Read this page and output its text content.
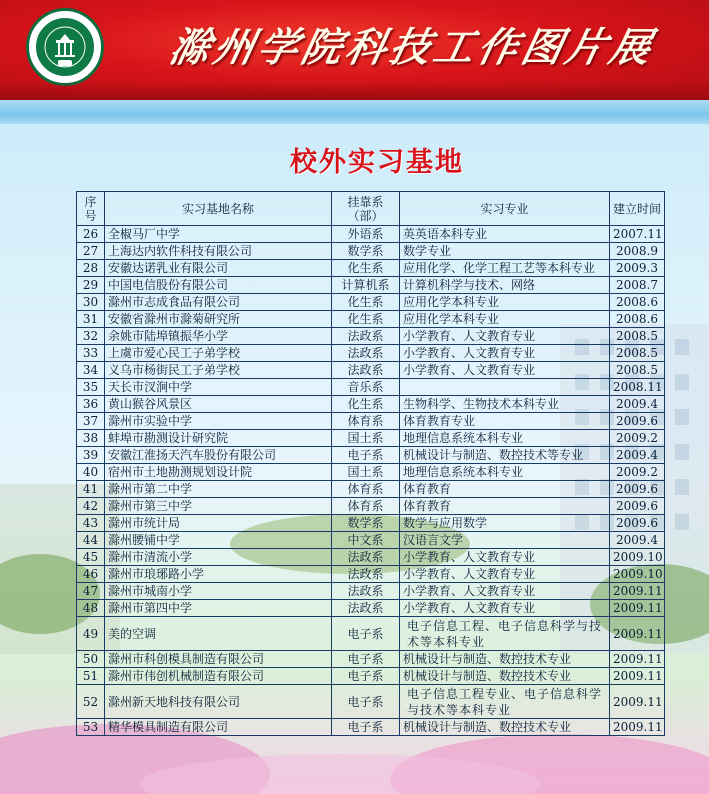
滁州学院科技工作图片展
校外实习基地
序号	实习基地名称	挂靠系（部）	实习专业	建立时间
26	全椒马厂中学	外语系	英英语本科专业	2007.11
27	上海达内软件科技有限公司	数学系	数学专业	2008.9
28	安徽达诺乳业有限公司	化生系	应用化学、化学工程工艺等本科专业	2009.3
29	中国电信股份有限公司	计算机系	计算机科学与技术、网络	2008.7
30	滁州市志成食品有限公司	化生系	应用化学本科专业	2008.6
31	安徽省滁州市滁菊研究所	化生系	应用化学本科专业	2008.6
32	余姚市陆埠镇振华小学	法政系	小学教育、人文教育专业	2008.5
33	上虞市爱心民工子弟学校	法政系	小学教育、人文教育专业	2008.5
34	义乌市杨街民工子弟学校	法政系	小学教育、人文教育专业	2008.5
35	天长市汊涧中学	音乐系		2008.11
36	黄山猴谷风景区	化生系	生物科学、生物技术本科专业	2009.4
37	滁州市实验中学	体育系	体育教育专业	2009.6
38	蚌埠市勘测设计研究院	国土系	地理信息系统本科专业	2009.2
39	安徽江淮扬天汽车股份有限公司	电子系	机械设计与制造、数控技术等专业	2009.4
40	宿州市土地勘测规划设计院	国土系	地理信息系统本科专业	2009.2
41	滁州市第二中学	体育系	体育教育	2009.6
42	滁州市第三中学	体育系	体育教育	2009.6
43	滁州市统计局	数学系	数学与应用数学	2009.6
44	滁州腰铺中学	中文系	汉语言文学	2009.4
45	滁州市清流小学	法政系	小学教育、人文教育专业	2009.10
46	滁州市琅琊路小学	法政系	小学教育、人文教育专业	2009.10
47	滁州市城南小学	法政系	小学教育、人文教育专业	2009.11
48	滁州市第四中学	法政系	小学教育、人文教育专业	2009.11
49	美的空调	电子系	电子信息工程、电子信息科学与技术等本科专业	2009.11
50	滁州市科创模具制造有限公司	电子系	机械设计与制造、数控技术专业	2009.11
51	滁州市伟创机械制造有限公司	电子系	机械设计与制造、数控技术专业	2009.11
52	滁州新天地科技有限公司	电子系	电子信息工程专业、电子信息科学与技术等本科专业	2009.11
53	精华模具制造有限公司	电子系	机械设计与制造、数控技术专业	2009.11
